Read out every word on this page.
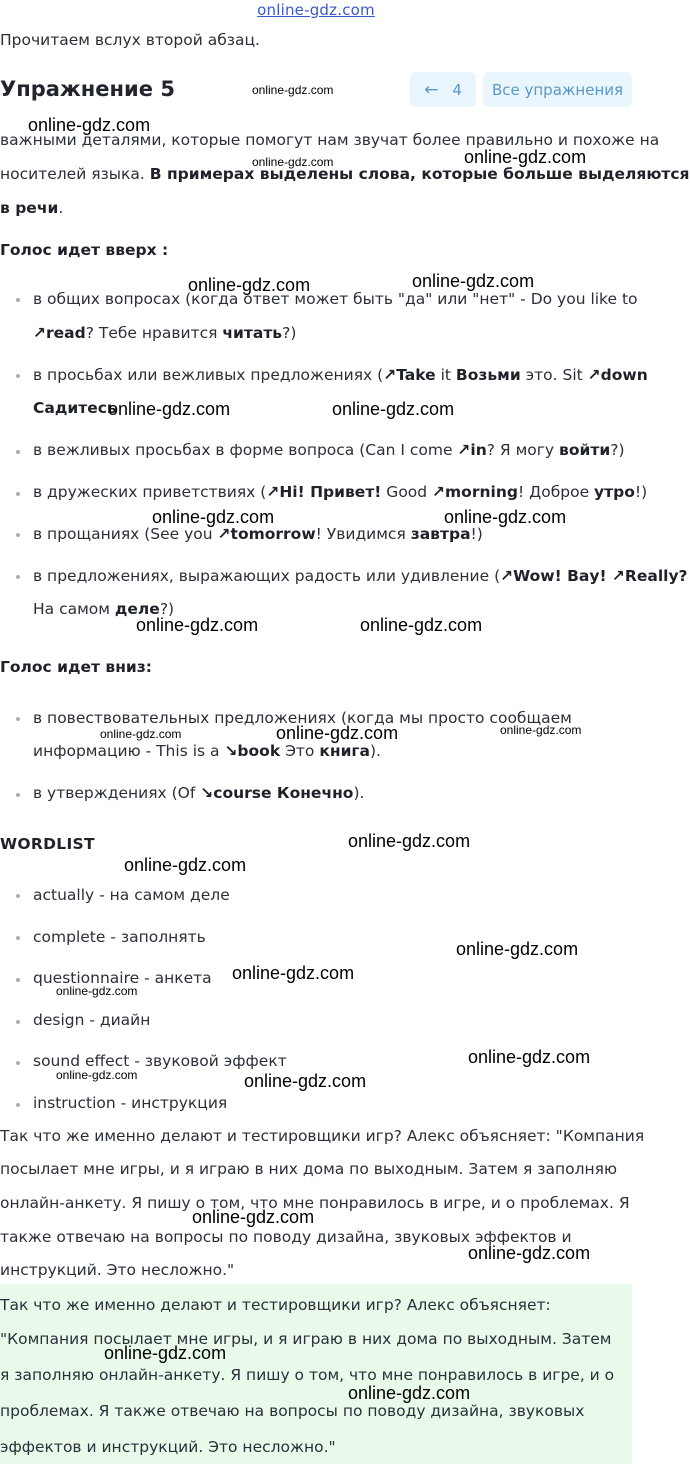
online-gdz.com
Прочитаем вслух второй абзац.
Упражнение 5	← 4 Все упражнения
важными деталями, которые помогут нам звучат более правильно и похоже на
носителей языка. В примерах выделены слова, которые больше выделяются
в речи.
Голос идет вверх :
в общих вопросах (когда ответ может быть "да" или "нет" - Do you like to
↗read? Тебе нравится читать?)
в просьбах или вежливых предложениях (↗Take it Возьми это. Sit ↗down
Садитесь
в вежливых просьбах в форме вопроса (Can I come ↗in? Я могу войти?)
в дружеских приветствиях (↗Hi! Привет! Good ↗morning! Доброе утро!)
в прощаниях (See you ↗tomorrow! Увидимся завтра!)
в предложениях, выражающих радость или удивление (↗Wow! Вау! ↗Really?
На самом деле?)
Голос идет вниз:
в повествовательных предложениях (когда мы просто сообщаем
информацию - This is a ↘book Это книга).
в утверждениях (Of ↘course Конечно).
WORDLIST
actually - на самом деле
complete - заполнять
questionnaire - анкета
design - диайн
sound effect - звуковой эффект
instruction - инструкция
Так что же именно делают и тестировщики игр? Алекс объясняет: "Компания
посылает мне игры, и я играю в них дома по выходным. Затем я заполняю
онлайн-анкету. Я пишу о том, что мне понравилось в игре, и о проблемах. Я
также отвечаю на вопросы по поводу дизайна, звуковых эффектов и
инструкций. Это несложно."
Так что же именно делают и тестировщики игр? Алекс объясняет:
"Компания посылает мне игры, и я играю в них дома по выходным. Затем
я заполняю онлайн-анкету. Я пишу о том, что мне понравилось в игре, и о
проблемах. Я также отвечаю на вопросы по поводу дизайна, звуковых
эффектов и инструкций. Это несложно."
online-gdz.com
online-gdz.com
online-gdz.com	online-gdz.com
online-gdz.com	online-gdz.com
online-gdz.com	online-gdz.com
online-gdz.com	online-gdz.com
online-gdz.com	online-gdz.com
online-gdz.com	online-gdz.com	online-gdz.com
online-gdz.com
online-gdz.com
online-gdz.com
online-gdz.com
online-gdz.com
online-gdz.com
online-gdz.com	online-gdz.com
online-gdz.com
online-gdz.com
online-gdz.com
online-gdz.com
